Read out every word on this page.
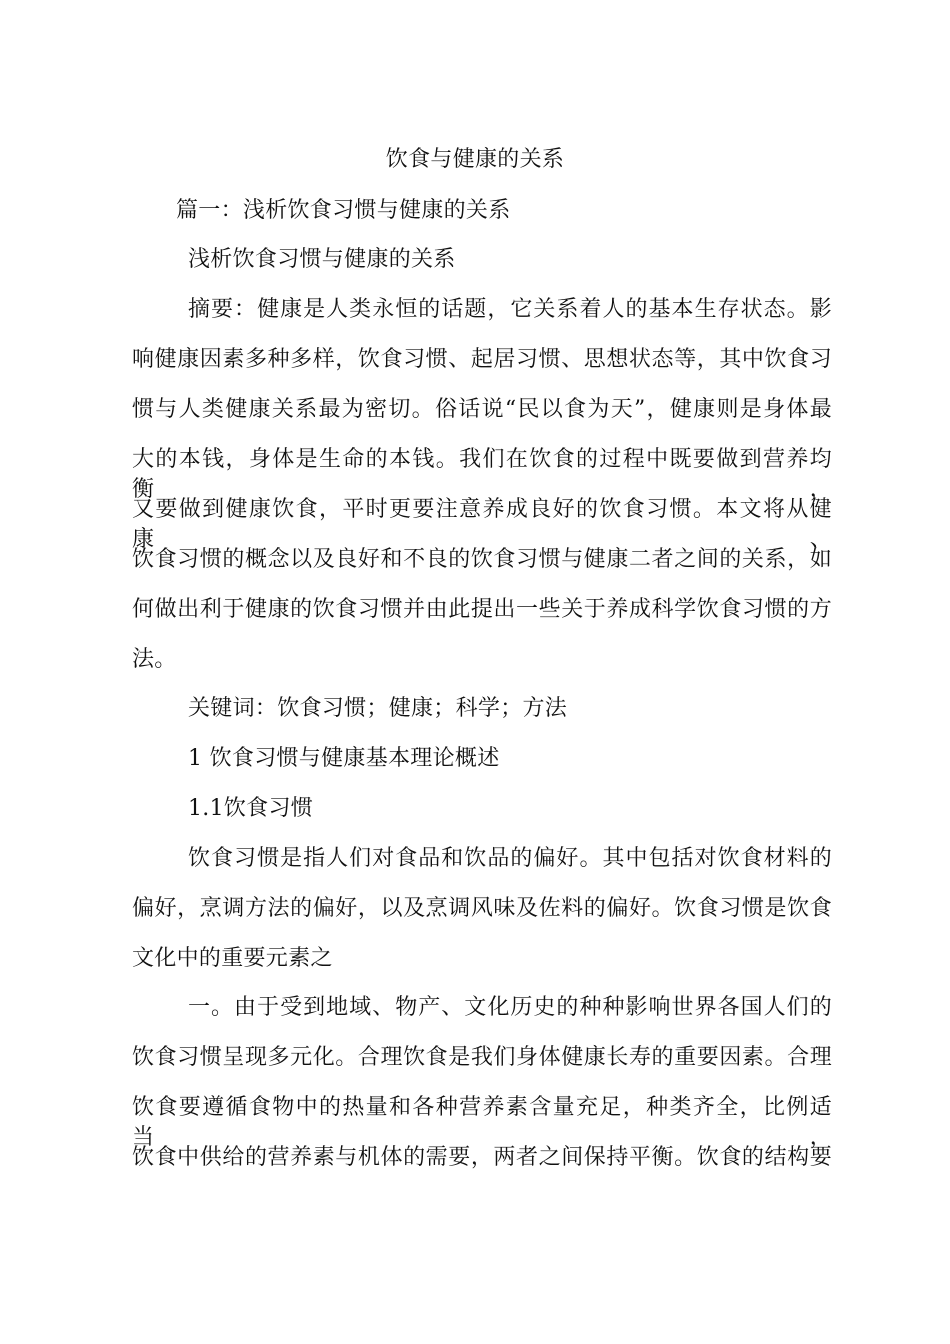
饮食与健康的关系
篇一：浅析饮食习惯与健康的关系
浅析饮食习惯与健康的关系
摘要：健康是人类永恒的话题，它关系着人的基本生存状态。影
响健康因素多种多样，饮食习惯、起居习惯、思想状态等，其中饮食习
惯与人类健康关系最为密切。俗话说“民以食为天”，健康则是身体最
大的本钱，身体是生命的本钱。我们在饮食的过程中既要做到营养均衡，
又要做到健康饮食，平时更要注意养成良好的饮食习惯。本文将从健康、
饮食习惯的概念以及良好和不良的饮食习惯与健康二者之间的关系，如
何做出利于健康的饮食习惯并由此提出一些关于养成科学饮食习惯的方
法。
关键词：饮食习惯；健康；科学；方法
1 饮食习惯与健康基本理论概述
1.1饮食习惯
饮食习惯是指人们对食品和饮品的偏好。其中包括对饮食材料的
偏好，烹调方法的偏好，以及烹调风味及佐料的偏好。饮食习惯是饮食
文化中的重要元素之
一。由于受到地域、物产、文化历史的种种影响世界各国人们的
饮食习惯呈现多元化。合理饮食是我们身体健康长寿的重要因素。合理
饮食要遵循食物中的热量和各种营养素含量充足，种类齐全，比例适当，
饮食中供给的营养素与机体的需要，两者之间保持平衡。饮食的结构要
